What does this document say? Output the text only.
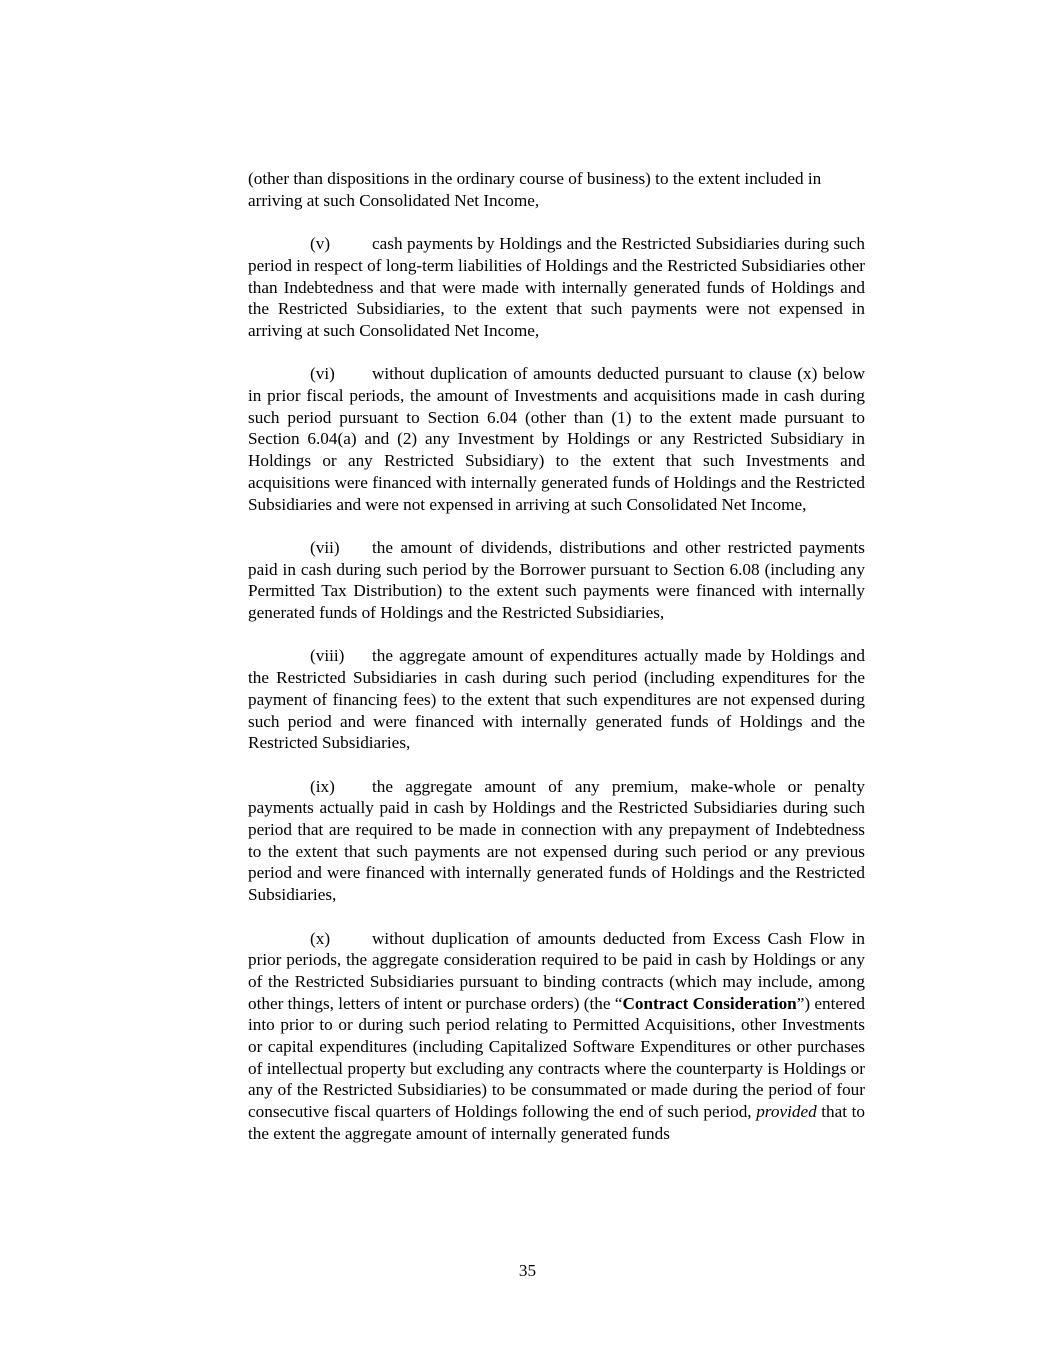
(other than dispositions in the ordinary course of business) to the extent included in arriving at such Consolidated Net Income,

(v) cash payments by Holdings and the Restricted Subsidiaries during such period in respect of long-term liabilities of Holdings and the Restricted Subsidiaries other than Indebtedness and that were made with internally generated funds of Holdings and the Restricted Subsidiaries, to the extent that such payments were not expensed in arriving at such Consolidated Net Income,

(vi) without duplication of amounts deducted pursuant to clause (x) below in prior fiscal periods, the amount of Investments and acquisitions made in cash during such period pursuant to Section 6.04 (other than (1) to the extent made pursuant to Section 6.04(a) and (2) any Investment by Holdings or any Restricted Subsidiary in Holdings or any Restricted Subsidiary) to the extent that such Investments and acquisitions were financed with internally generated funds of Holdings and the Restricted Subsidiaries and were not expensed in arriving at such Consolidated Net Income,

(vii) the amount of dividends, distributions and other restricted payments paid in cash during such period by the Borrower pursuant to Section 6.08 (including any Permitted Tax Distribution) to the extent such payments were financed with internally generated funds of Holdings and the Restricted Subsidiaries,

(viii) the aggregate amount of expenditures actually made by Holdings and the Restricted Subsidiaries in cash during such period (including expenditures for the payment of financing fees) to the extent that such expenditures are not expensed during such period and were financed with internally generated funds of Holdings and the Restricted Subsidiaries,

(ix) the aggregate amount of any premium, make-whole or penalty payments actually paid in cash by Holdings and the Restricted Subsidiaries during such period that are required to be made in connection with any prepayment of Indebtedness to the extent that such payments are not expensed during such period or any previous period and were financed with internally generated funds of Holdings and the Restricted Subsidiaries,

(x) without duplication of amounts deducted from Excess Cash Flow in prior periods, the aggregate consideration required to be paid in cash by Holdings or any of the Restricted Subsidiaries pursuant to binding contracts (which may include, among other things, letters of intent or purchase orders) (the “Contract Consideration”) entered into prior to or during such period relating to Permitted Acquisitions, other Investments or capital expenditures (including Capitalized Software Expenditures or other purchases of intellectual property but excluding any contracts where the counterparty is Holdings or any of the Restricted Subsidiaries) to be consummated or made during the period of four consecutive fiscal quarters of Holdings following the end of such period, provided that to the extent the aggregate amount of internally generated funds

35
